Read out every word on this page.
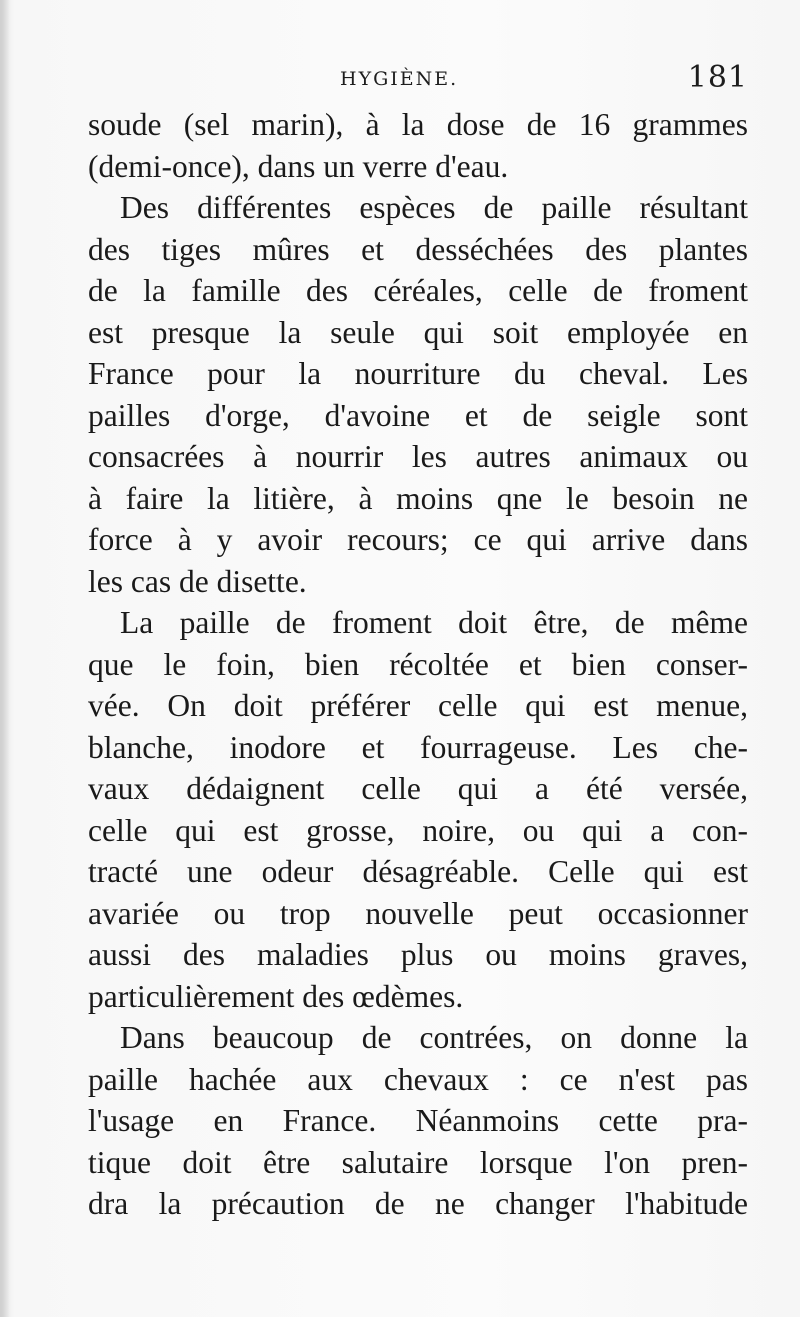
HYGIÈNE.	181
soude (sel marin), à la dose de 16 grammes
(demi-once), dans un verre d'eau.
Des différentes espèces de paille résultant
des tiges mûres et desséchées des plantes
de la famille des céréales, celle de froment
est presque la seule qui soit employée en
France pour la nourriture du cheval. Les
pailles d'orge, d'avoine et de seigle sont
consacrées à nourrir les autres animaux ou
à faire la litière, à moins qne le besoin ne
force à y avoir recours; ce qui arrive dans
les cas de disette.
La paille de froment doit être, de même
que le foin, bien récoltée et bien conser-
vée. On doit préférer celle qui est menue,
blanche, inodore et fourrageuse. Les che-
vaux dédaignent celle qui a été versée,
celle qui est grosse, noire, ou qui a con-
tracté une odeur désagréable. Celle qui est
avariée ou trop nouvelle peut occasionner
aussi des maladies plus ou moins graves,
particulièrement des œdèmes.
Dans beaucoup de contrées, on donne la
paille hachée aux chevaux : ce n'est pas
l'usage en France. Néanmoins cette pra-
tique doit être salutaire lorsque l'on pren-
dra la précaution de ne changer l'habitude
